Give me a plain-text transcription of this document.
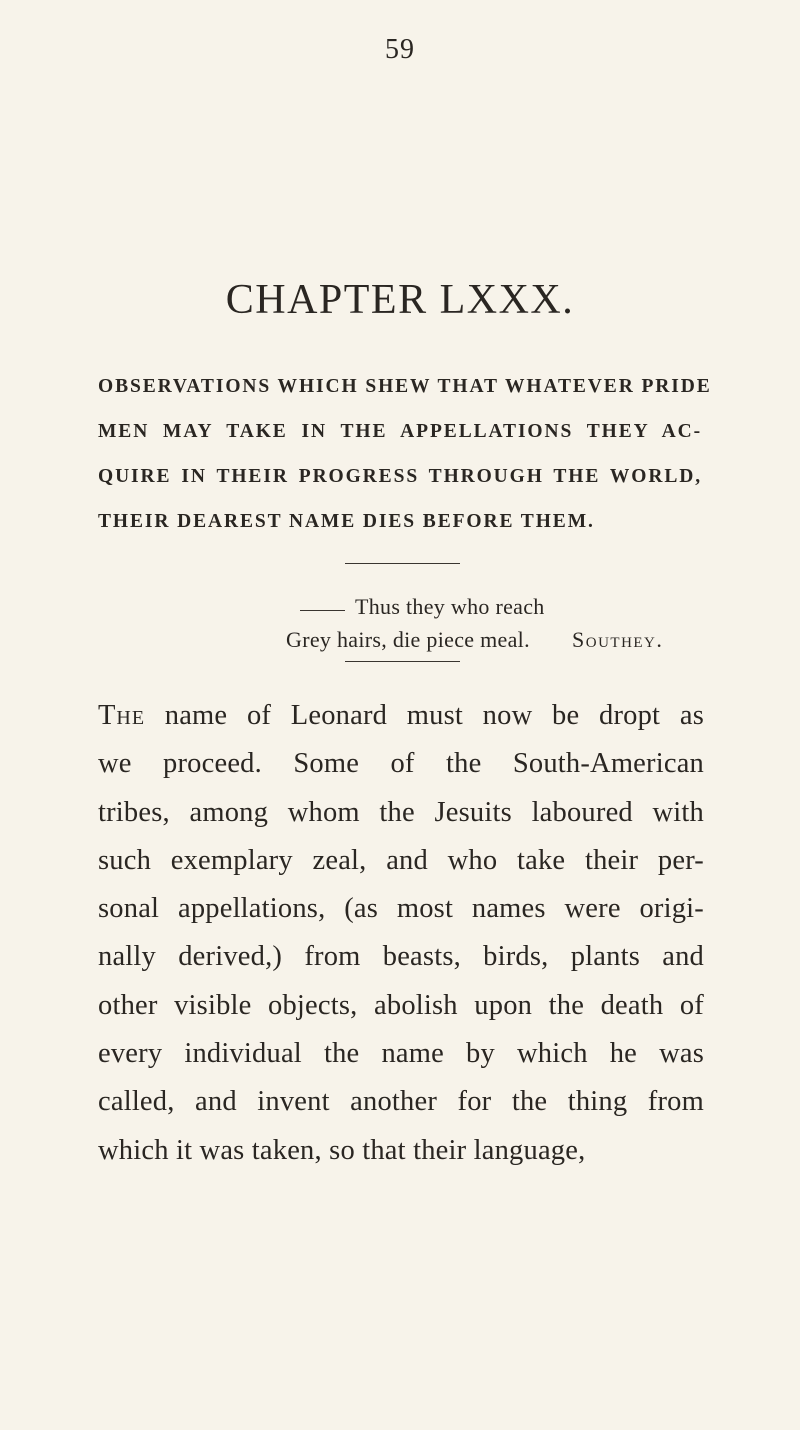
59
CHAPTER LXXX.

OBSERVATIONS WHICH SHEW THAT WHATEVER PRIDE
MEN MAY TAKE IN THE APPELLATIONS THEY AC-
QUIRE IN THEIR PROGRESS THROUGH THE WORLD,
THEIR DEAREST NAME DIES BEFORE THEM.

Thus they who reach
Grey hairs, die piece meal. Southey.
The name of Leonard must now be dropt as
we proceed. Some of the South-American
tribes, among whom the Jesuits laboured with
such exemplary zeal, and who take their per-
sonal appellations, (as most names were origi-
nally derived,) from beasts, birds, plants and
other visible objects, abolish upon the death of
every individual the name by which he was
called, and invent another for the thing from
which it was taken, so that their language,
